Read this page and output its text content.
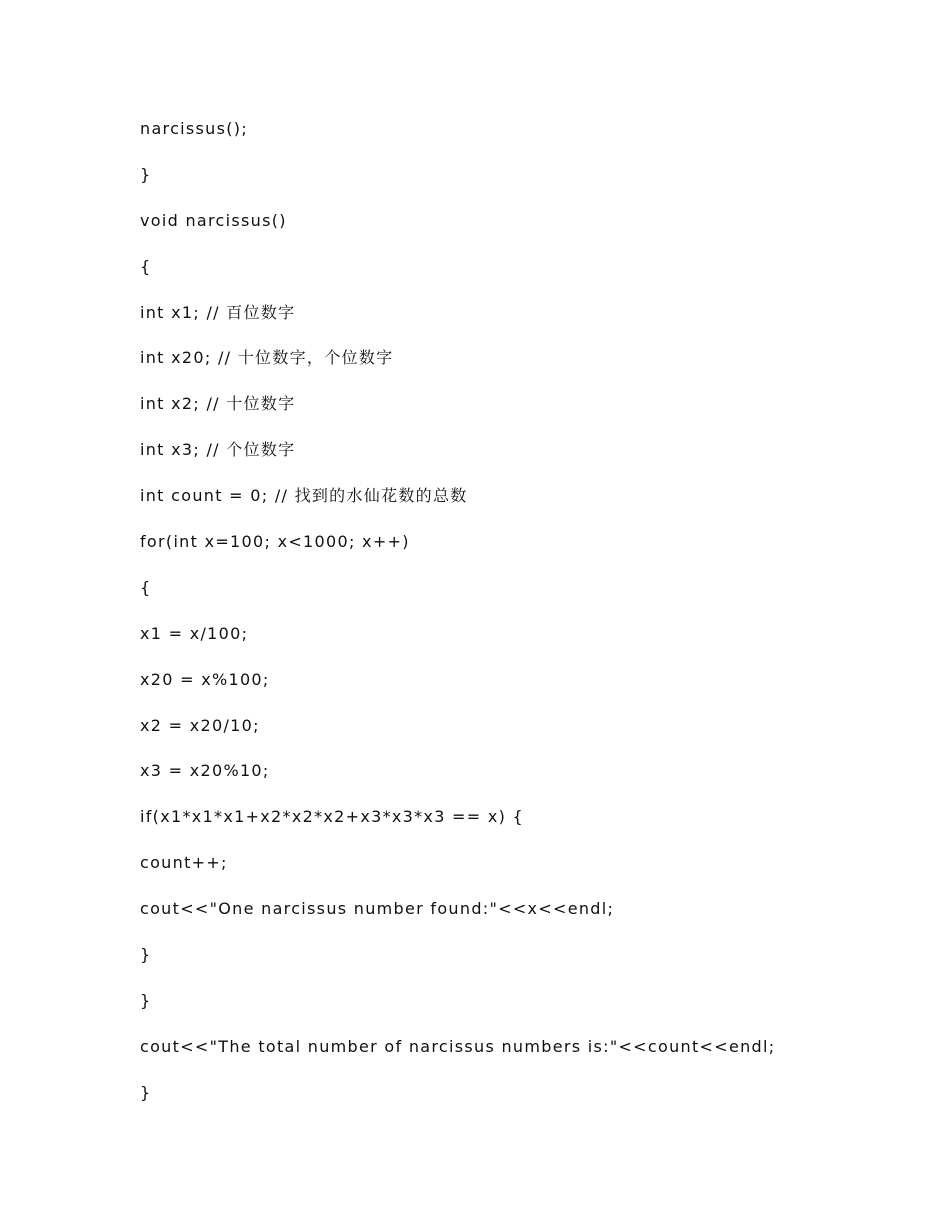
narcissus();
}
void narcissus()
{
int x1; // 百位数字
int x20; // 十位数字，个位数字
int x2; // 十位数字
int x3; // 个位数字
int count = 0; // 找到的水仙花数的总数
for(int x=100; x<1000; x++)
{
x1 = x/100;
x20 = x%100;
x2 = x20/10;
x3 = x20%10;
if(x1*x1*x1+x2*x2*x2+x3*x3*x3 == x) {
count++;
cout<<"One narcissus number found:"<<x<<endl;
}
}
cout<<"The total number of narcissus numbers is:"<<count<<endl;
}
